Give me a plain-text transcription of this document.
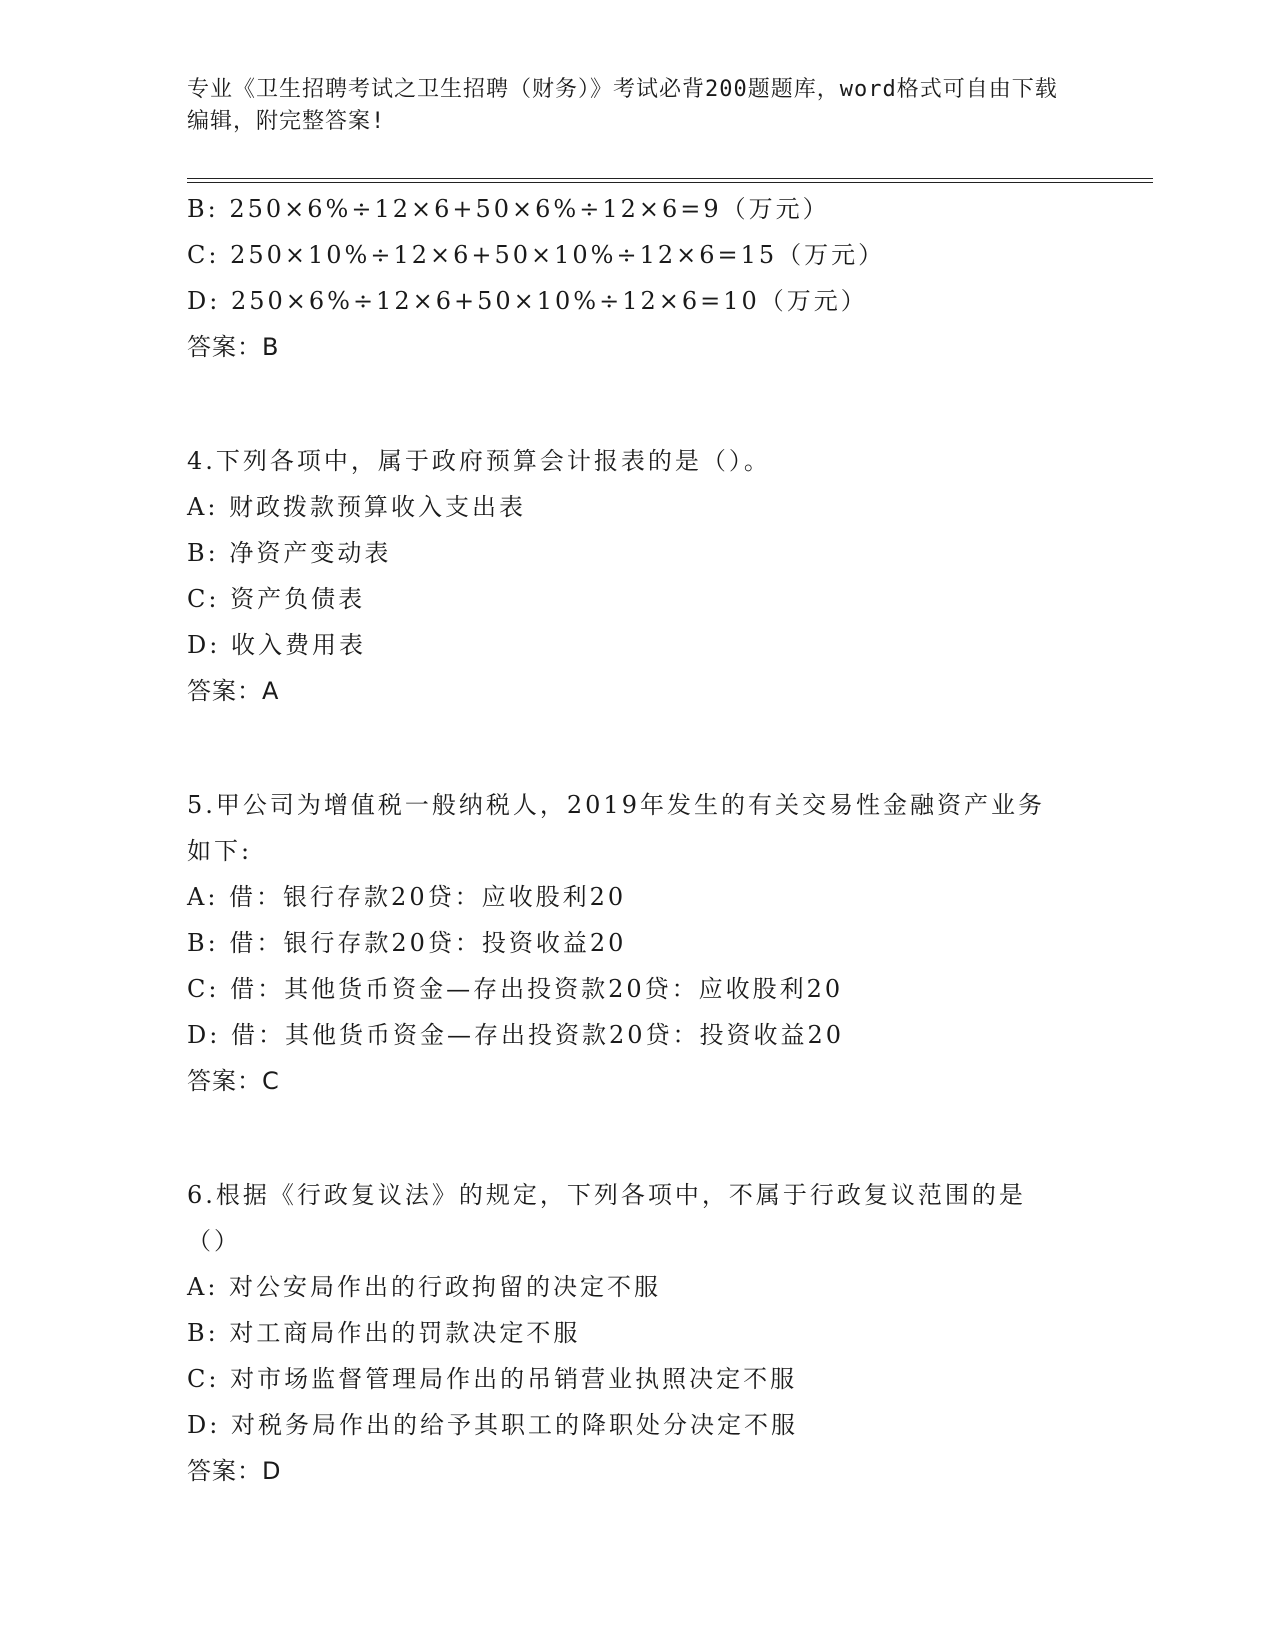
专业《卫生招聘考试之卫生招聘（财务）》考试必背200题题库，word格式可自由下载编辑，附完整答案!
B: 250×6%÷12×6+50×6%÷12×6=9（万元）
C: 250×10%÷12×6+50×10%÷12×6=15（万元）
D: 250×6%÷12×6+50×10%÷12×6=10（万元）
答案：B
4.下列各项中，属于政府预算会计报表的是（）。
A: 财政拨款预算收入支出表
B: 净资产变动表
C: 资产负债表
D: 收入费用表
答案：A
5.甲公司为增值税一般纳税人，2019年发生的有关交易性金融资产业务如下:
A: 借：银行存款20贷：应收股利20
B: 借：银行存款20贷：投资收益20
C: 借：其他货币资金—存出投资款20贷：应收股利20
D: 借：其他货币资金—存出投资款20贷：投资收益20
答案：C
6.根据《行政复议法》的规定，下列各项中，不属于行政复议范围的是（）
A: 对公安局作出的行政拘留的决定不服
B: 对工商局作出的罚款决定不服
C: 对市场监督管理局作出的吊销营业执照决定不服
D: 对税务局作出的给予其职工的降职处分决定不服
答案：D
